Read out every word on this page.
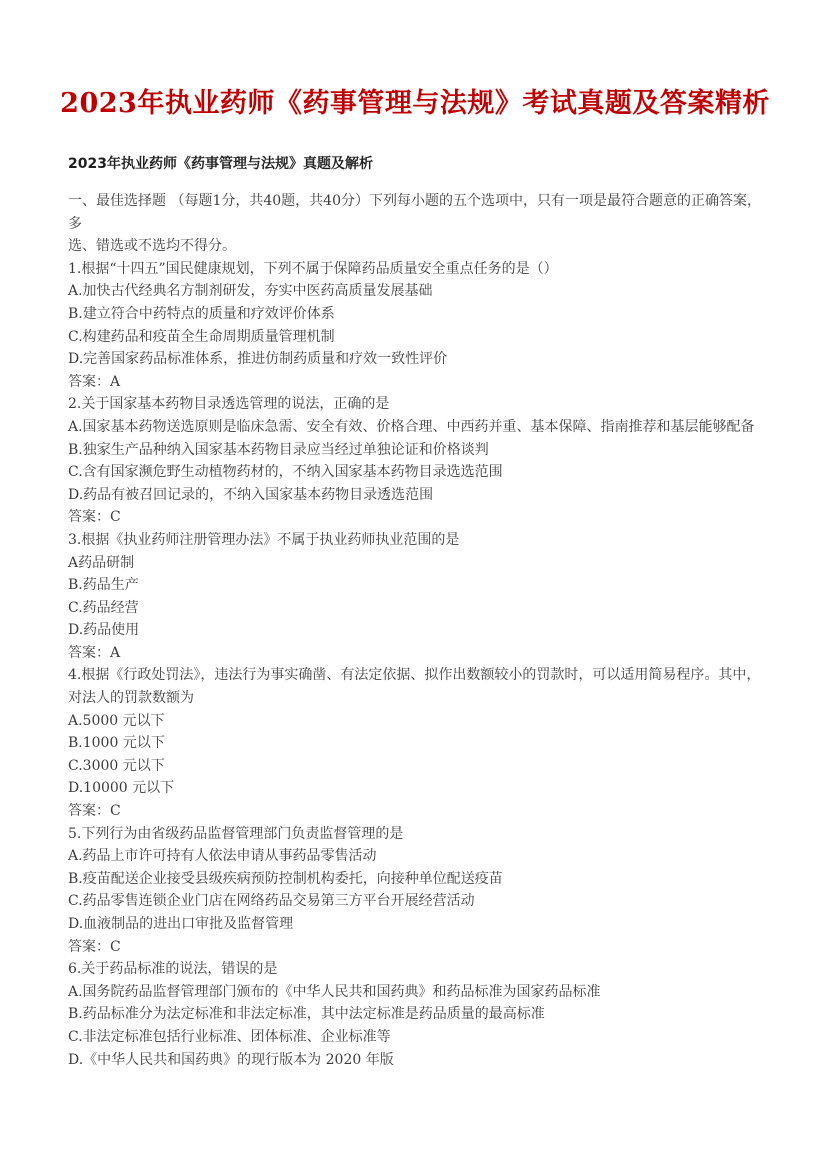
2023年执业药师《药事管理与法规》考试真题及答案精析
2023年执业药师《药事管理与法规》真题及解析

一、最佳选择题 （每题1分，共40题，共40分）下列每小题的五个选项中，只有一项是最符合题意的正确答案，多

选、错选或不选均不得分。

1.根据“十四五”国民健康规划，下列不属于保障药品质量安全重点任务的是（）

A.加快古代经典名方制剂研发，夯实中医药高质量发展基础

B.建立符合中药特点的质量和疗效评价体系

C.构建药品和疫苗全生命周期质量管理机制

D.完善国家药品标准体系，推进仿制药质量和疗效一致性评价

答案：A

2.关于国家基本药物目录透选管理的说法，正确的是

A.国家基本药物送选原则是临床急需、安全有效、价格合理、中西药并重、基本保障、指南推荐和基层能够配备

B.独家生产品种纳入国家基本药物目录应当经过单独论证和价格谈判

C.含有国家濒危野生动植物药材的，不纳入国家基本药物目录选选范围

D.药品有被召回记录的，不纳入国家基本药物目录透选范围

答案：C

3.根据《执业药师注册管理办法》不属于执业药师执业范围的是

A药品研制

B.药品生产

C.药品经营

D.药品使用

答案：A

4.根据《行政处罚法》，违法行为事实确凿、有法定依据、拟作出数额较小的罚款时，可以适用简易程序。其中，

对法人的罚款数额为

A.5000 元以下

B.1000 元以下

C.3000 元以下

D.10000 元以下

答案：C

5.下列行为由省级药品监督管理部门负责监督管理的是

A.药品上市许可持有人依法申请从事药品零售活动

B.疫苗配送企业接受县级疾病预防控制机构委托，向接种单位配送疫苗

C.药品零售连锁企业门店在网络药品交易第三方平台开展经营活动

D.血液制品的进出口审批及监督管理

答案：C

6.关于药品标准的说法，错误的是

A.国务院药品监督管理部门颁布的《中华人民共和国药典》和药品标准为国家药品标准

B.药品标准分为法定标准和非法定标准，其中法定标准是药品质量的最高标准

C.非法定标准包括行业标准、团体标准、企业标准等

D.《中华人民共和国药典》的现行版本为 2020 年版
